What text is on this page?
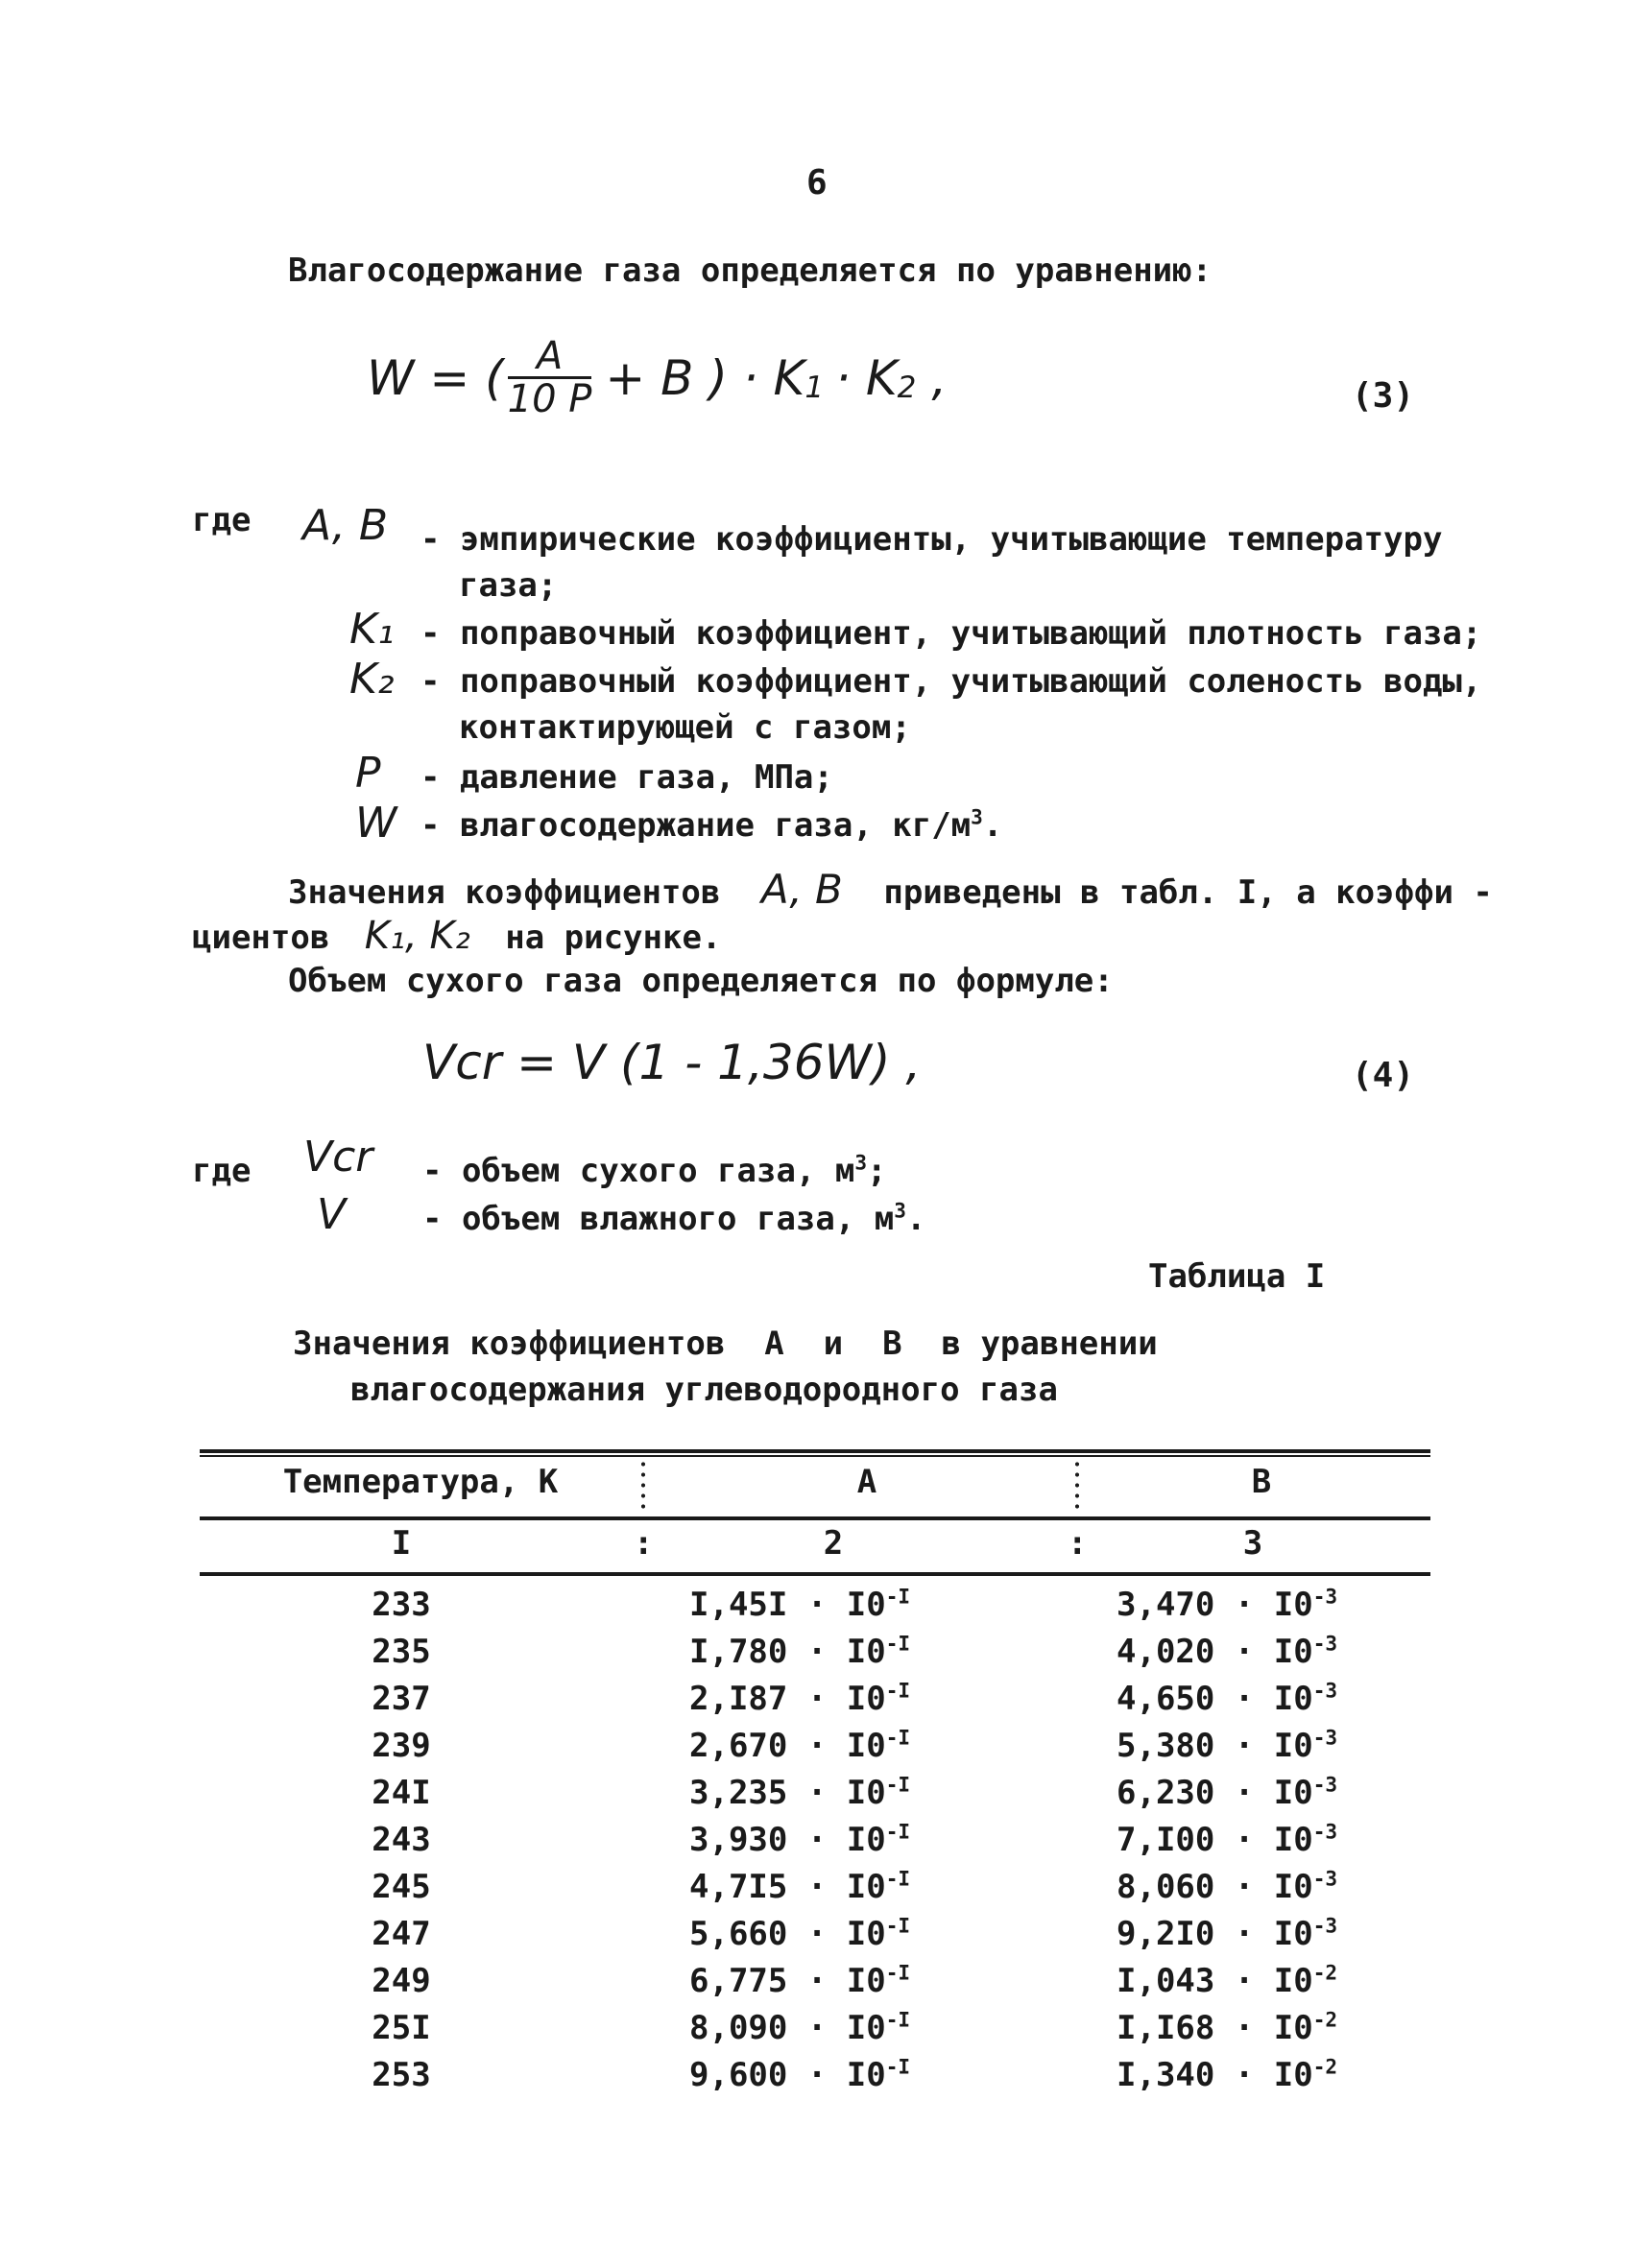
6
Влагосодержание газа определяется по уравнению:
W = ( $\frac{A}{10 P} + B$ ) · K 1 · K 2 ,	(3)
где A, B - эмпирические коэффициенты, учитывающие температуру
газа;
K₁ - поправочный коэффициент, учитывающий плотность газа;
K₂ - поправочный коэффициент, учитывающий соленость воды,
контактирующей с газом;
P - давление газа, МПа;
W - влагосодержание газа, $кг/м^3$.
Значения коэффициентов A, B приведены в табл. I, а коэффи -
циентов K₁, K₂ на рисунке.
Объем сухого газа определяется по формуле:
Vcr = V (1 - 1,36W) ,	(4)
где Vcr - объем сухого газа, $м^3$;
V - объем влажного газа, $м^3$.
Таблица I
Значения коэффициентов  A  и  B  в уравнении
влагосодержания углеводородного газа
Температура, К	A	B
I	2	3
:	:
233	$I,45I \cdot I0^{-I}$	$3,470 \cdot I0^{-3}$
235	$I,780 \cdot I0^{-I}$	$4,020 \cdot I0^{-3}$
237	$2,I87 \cdot I0^{-I}$	$4,650 \cdot I0^{-3}$
239	$2,670 \cdot I0^{-I}$	$5,380 \cdot I0^{-3}$
24I	$3,235 \cdot I0^{-I}$	$6,230 \cdot I0^{-3}$
243	$3,930 \cdot I0^{-I}$	$7,I00 \cdot I0^{-3}$
245	$4,7I5 \cdot I0^{-I}$	$8,060 \cdot I0^{-3}$
247	$5,660 \cdot I0^{-I}$	$9,2I0 \cdot I0^{-3}$
249	$6,775 \cdot I0^{-I}$	$I,043 \cdot I0^{-2}$
25I	$8,090 \cdot I0^{-I}$	$I,I68 \cdot I0^{-2}$
253	$9,600 \cdot I0^{-I}$	$I,340 \cdot I0^{-2}$
